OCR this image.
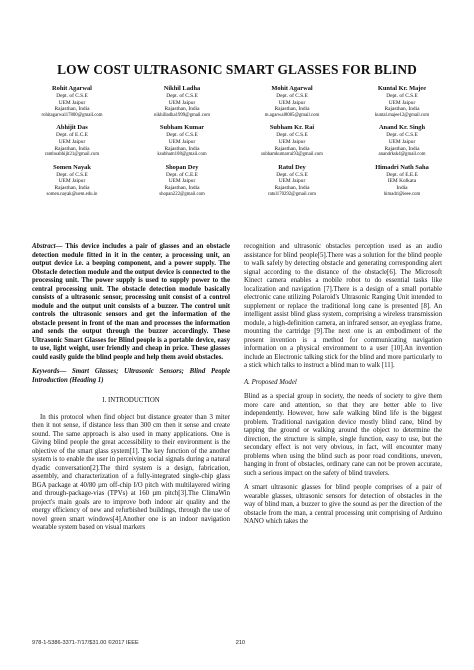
LOW COST ULTRASONIC SMART GLASSES FOR BLIND
Rohit Agarwal
Dept. of C.S.E
UEM Jaipur
Rajasthan, India
rohitagarwal17800@gmail.com
Nikhil Ladha
Dept. of C.S.E
UEM Jaipur
Rajasthan, India
nikhilladha1999@gmail.com
Mohit Agarwal
Dept. of C.S.E
UEM Jaipur
Rajasthan, India
m.agarwal8085@gmail.com
Kuntal Kr. Majee
Dept. of C.S.E
UEM Jaipur
Rajasthan, India
kuntal.majee12@gmail.com
Abhijit Das
Dept. of E.C.E
UEM Jaipur
Rajasthan, India
ramboabhijit21@gmail.com
Subham Kumar
Dept. of C.S.E
UEM Jaipur
Rajasthan, India
ksubham108@gmail.com
Subham Kr. Rai
Dept. of C.S.E
UEM Jaipur
Rajasthan, India
subhamkumarrai93@gmail.com
Anand Kr. Singh
Dept. of C.S.E
UEM Jaipur
Rajasthan, India
anandrksk4@gmail.com
Somen Nayak
Dept. of C.S.E
UEM Jaipur
Rajasthan, India
somen.nayak@uem.edu.in
Shopan Dey
Dept. of C.E.E
UEM Jaipur
Rajasthan, India
shopan222@gmail.com
Ratul Dey
Dept. of C.S.E
UEM Jaipur
Rajasthan, India
ratul170292@gmail.com
Himadri Nath Saha
Dept. of E.E.E
IEM Kolkata
India
himadri@ieee.com

Abstract— This device includes a pair of glasses and an obstacle detection module fitted in it in the center, a processing unit, an output device i.e. a beeping component, and a power supply. The Obstacle detection module and the output device is connected to the processing unit. The power supply is used to supply power to the central processing unit. The obstacle detection module basically consists of a ultrasonic sensor, processing unit consist of a control module and the output unit consists of a buzzer. The control unit controls the ultrasonic sensors and get the information of the obstacle present in front of the man and processes the information and sends the output through the buzzer accordingly. These Ultrasonic Smart Glasses for Blind people is a portable device, easy to use, light weight, user friendly and cheap in price. These glasses could easily guide the blind people and help them avoid obstacles.

Keywords— Smart Glasses; Ultrasonic Sensors; Blind People Introduction (Heading 1)

I. INTRODUCTION

In this protocol when find object but distance greater than 3 miter then it not sense, if distance less than 300 cm then it sense and create sound. The same approach is also used in many applications. One is Giving blind people the great accessibility to their environment is the objective of the smart glass system[1]. The key function of the another system is to enable the user in perceiving social signals during a natural dyadic conversation[2].The third system is a design, fabrication, assembly, and characterization of a fully-integrated single-chip glass BGA package at 40/80 µm off-chip I/O pitch with multilayered wiring and through-package-vias (TPVs) at 160 µm pitch[3].The ClimaWin project's main goals are to improve both indoor air quality and the energy efficiency of new and refurbished buildings, through the use of novel green smart windows[4].Another one is an indoor navigation wearable system based on visual markers

recognition and ultrasonic obstacles perception used as an audio assistance for blind people[5].There was a solution for the blind people to walk safely by detecting obstacle and generating corresponding alert signal according to the distance of the obstacle[6]. The Microsoft Kinect camera enables a mobile robot to do essential tasks like localization and navigation [7].There is a design of a small portable electronic cane utilizing Polaroid's Ultrasonic Ranging Unit intended to supplement or replace the traditional long cane is presented [8]. An intelligent assist blind glass system, comprising a wireless transmission module, a high-definition camera, an infrared sensor, an eyeglass frame, mounting the cartridge [9].The next one is an embodiment of the present invention is a method for communicating navigation information on a physical environment to a user [10].An invention include an Electronic talking stick for the blind and more particularly to a stick which talks to instruct a blind man to walk [11].

A. Proposed Model

Blind as a special group in society, the needs of society to give them more care and attention, so that they are better able to live independently. However, how safe walking blind life is the biggest problem. Traditional navigation device mostly blind cane, blind by tapping the ground or walking around the object to determine the direction, the structure is simple, single function, easy to use, but the secondary effect is not very obvious, in fact, will encounter many problems when using the blind such as poor road conditions, uneven, hanging in front of obstacles, ordinary cane can not be proven accurate, such a serious impact on the safety of blind travelers.

A smart ultrasonic glasses for blind people comprises of a pair of wearable glasses, ultrasonic sensors for detection of obstacles in the way of blind man, a buzzer to give the sound as per the direction of the obstacle from the man, a central processing unit comprising of Arduino NANO which takes the

978-1-5386-3371-7/17/$31.00 ©2017 IEEE	210
